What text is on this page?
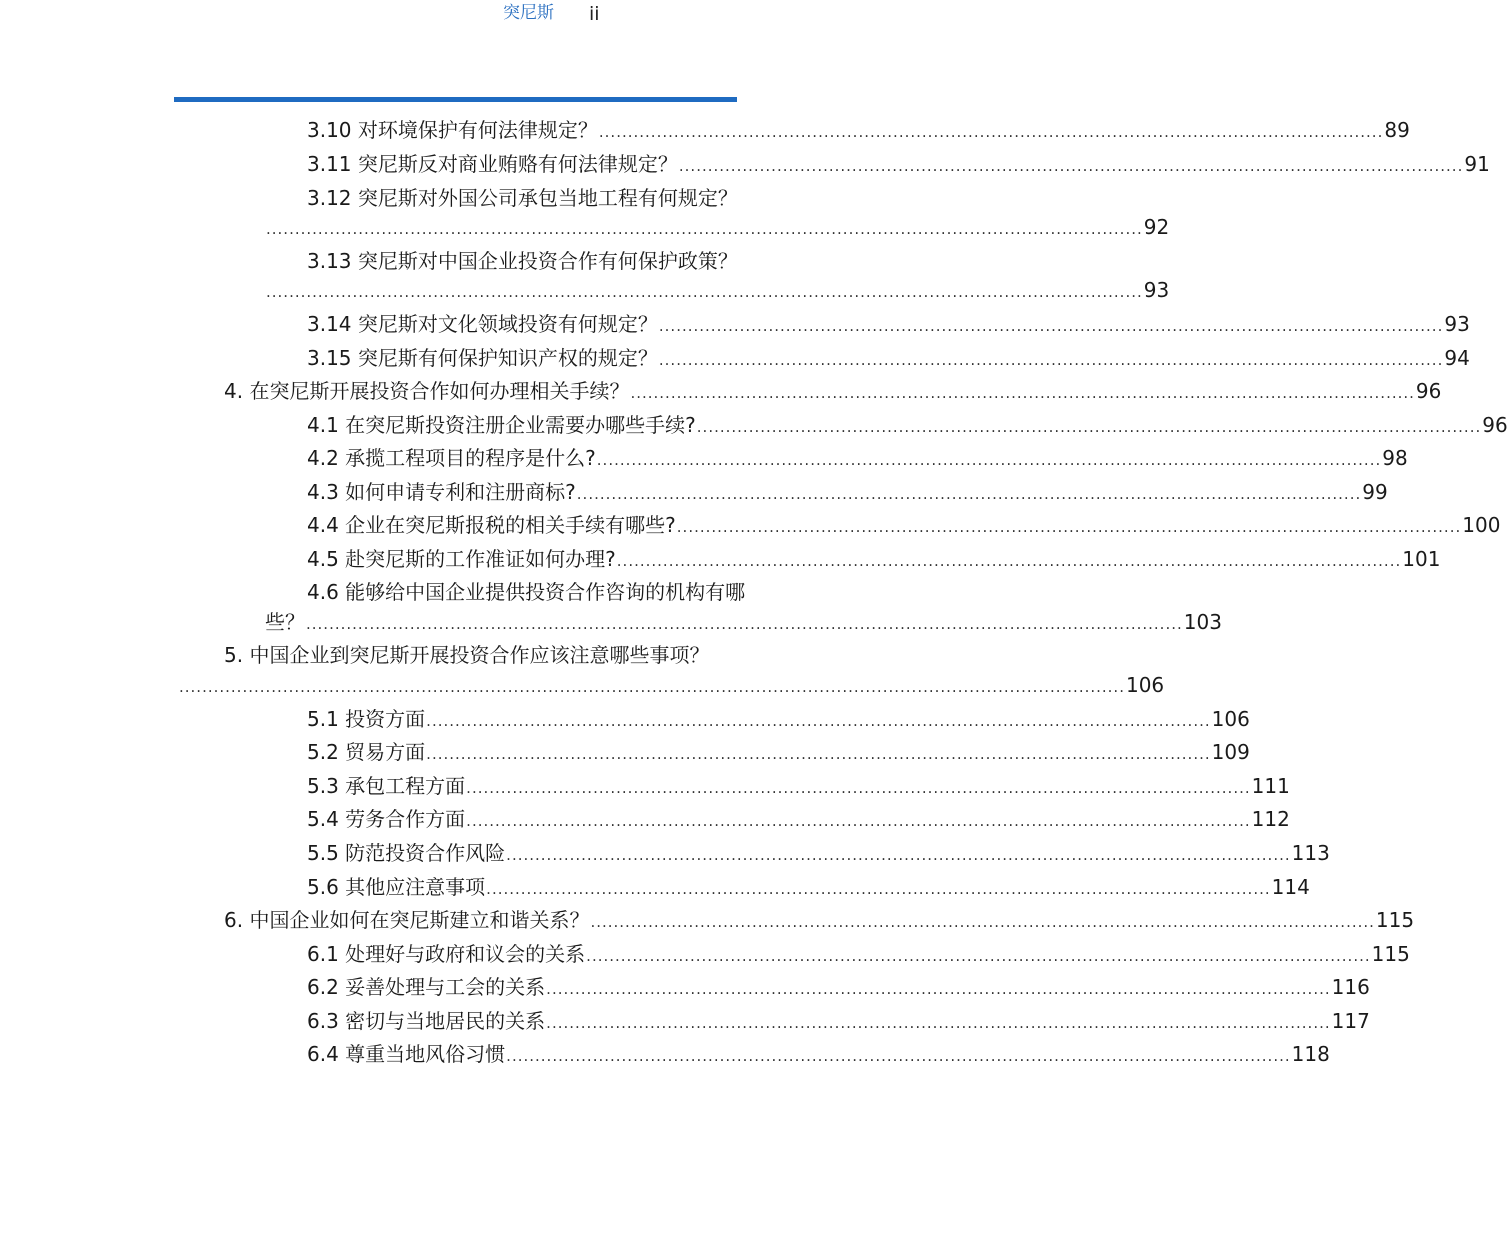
突尼斯 ii
3.10 对环境保护有何法律规定？ ........................................................................................................................................ 89
3.11 突尼斯反对商业贿赂有何法律规定？ ........................................................................................................................................ 91
3.12 突尼斯对外国公司承包当地工程有何规定？
........................................................................................................................................................ 92
3.13 突尼斯对中国企业投资合作有何保护政策？
........................................................................................................................................................ 93
3.14 突尼斯对文化领域投资有何规定？ ........................................................................................................................................ 93
3.15 突尼斯有何保护知识产权的规定？ ........................................................................................................................................ 94
4. 在突尼斯开展投资合作如何办理相关手续？ ........................................................................................................................................ 96
4.1 在突尼斯投资注册企业需要办哪些手续? ........................................................................................................................................ 96
4.2 承揽工程项目的程序是什么? ........................................................................................................................................ 98
4.3 如何申请专利和注册商标? ........................................................................................................................................ 99
4.4 企业在突尼斯报税的相关手续有哪些? ........................................................................................................................................ 100
4.5 赴突尼斯的工作准证如何办理? ........................................................................................................................................ 101
4.6 能够给中国企业提供投资合作咨询的机构有哪
些？ ........................................................................................................................................................ 103
5. 中国企业到突尼斯开展投资合作应该注意哪些事项？
.................................................................................................................................................................... 106
5.1 投资方面 ........................................................................................................................................ 106
5.2 贸易方面 ........................................................................................................................................ 109
5.3 承包工程方面 ........................................................................................................................................ 111
5.4 劳务合作方面 ........................................................................................................................................ 112
5.5 防范投资合作风险 ........................................................................................................................................ 113
5.6 其他应注意事项 ........................................................................................................................................ 114
6. 中国企业如何在突尼斯建立和谐关系？ ........................................................................................................................................ 115
6.1 处理好与政府和议会的关系 ........................................................................................................................................ 115
6.2 妥善处理与工会的关系 ........................................................................................................................................ 116
6.3 密切与当地居民的关系 ........................................................................................................................................ 117
6.4 尊重当地风俗习惯 ........................................................................................................................................ 118
